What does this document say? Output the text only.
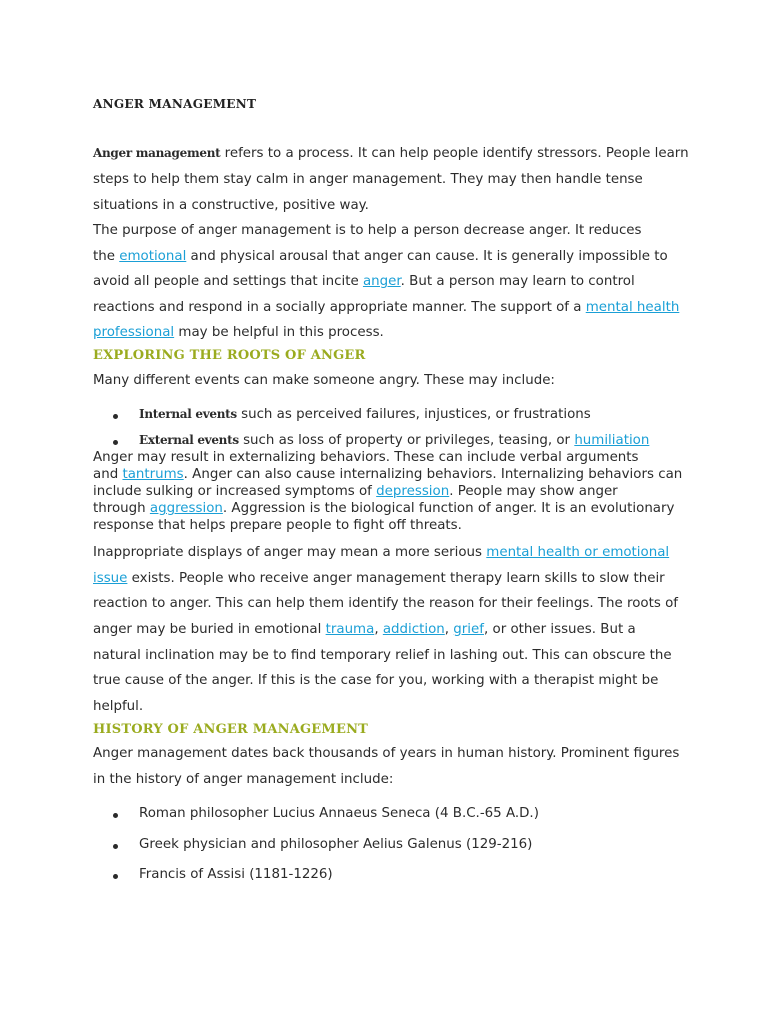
ANGER MANAGEMENT
Anger management refers to a process. It can help people identify stressors. People learn
steps to help them stay calm in anger management. They may then handle tense
situations in a constructive, positive way.
The purpose of anger management is to help a person decrease anger. It reduces
the emotional and physical arousal that anger can cause. It is generally impossible to
avoid all people and settings that incite anger. But a person may learn to control
reactions and respond in a socially appropriate manner. The support of a mental health
professional may be helpful in this process.
EXPLORING THE ROOTS OF ANGER
Many different events can make someone angry. These may include:
Internal events such as perceived failures, injustices, or frustrations
External events such as loss of property or privileges, teasing, or humiliation
Anger may result in externalizing behaviors. These can include verbal arguments
and tantrums. Anger can also cause internalizing behaviors. Internalizing behaviors can
include sulking or increased symptoms of depression. People may show anger
through aggression. Aggression is the biological function of anger. It is an evolutionary
response that helps prepare people to fight off threats.
Inappropriate displays of anger may mean a more serious mental health or emotional
issue exists. People who receive anger management therapy learn skills to slow their
reaction to anger. This can help them identify the reason for their feelings. The roots of
anger may be buried in emotional trauma, addiction, grief, or other issues. But a
natural inclination may be to find temporary relief in lashing out. This can obscure the
true cause of the anger. If this is the case for you, working with a therapist might be
helpful.
HISTORY OF ANGER MANAGEMENT
Anger management dates back thousands of years in human history. Prominent figures
in the history of anger management include:
Roman philosopher Lucius Annaeus Seneca (4 B.C.-65 A.D.)
Greek physician and philosopher Aelius Galenus (129-216)
Francis of Assisi (1181-1226)
